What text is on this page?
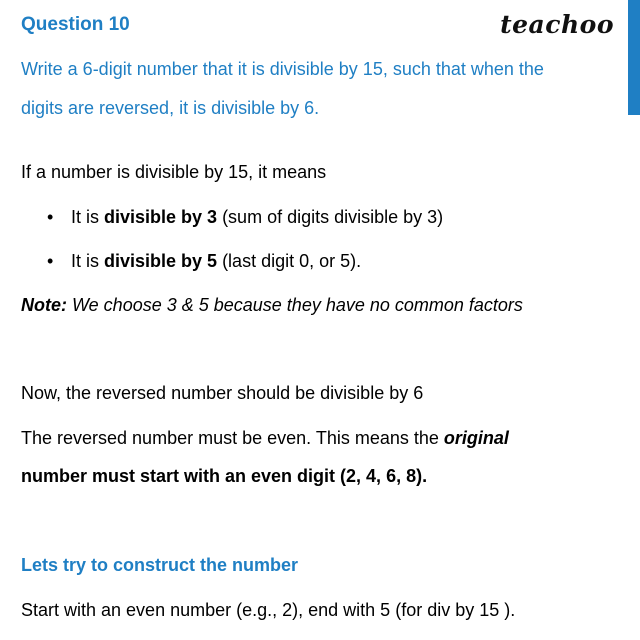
Question 10	teachoo
Write a 6-digit number that it is divisible by 15, such that when the
digits are reversed, it is divisible by 6.
If a number is divisible by 15, it means
• It is divisible by 3 (sum of digits divisible by 3)
• It is divisible by 5 (last digit 0, or 5).
Note: We choose 3 & 5 because they have no common factors
Now, the reversed number should be divisible by 6
The reversed number must be even. This means the original
number must start with an even digit (2, 4, 6, 8).
Lets try to construct the number
Start with an even number (e.g., 2), end with 5 (for div by 15 ).
